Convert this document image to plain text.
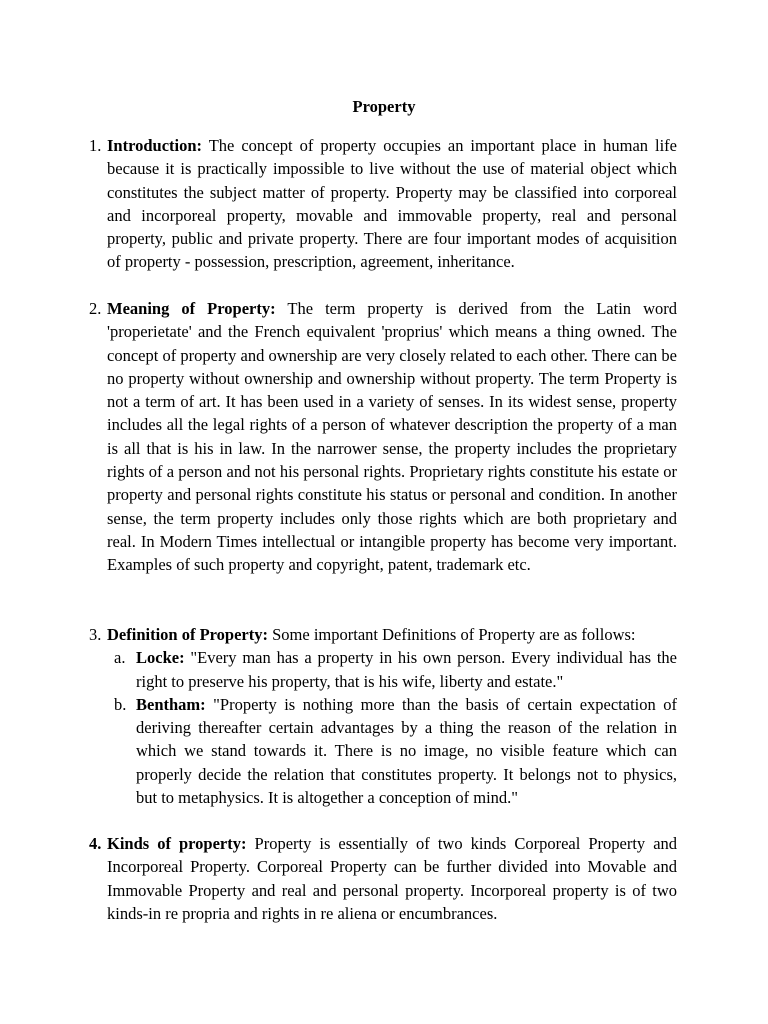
Property
1. Introduction: The concept of property occupies an important place in human life because it is practically impossible to live without the use of material object which constitutes the subject matter of property. Property may be classified into corporeal and incorporeal property, movable and immovable property, real and personal property, public and private property. There are four important modes of acquisition of property - possession, prescription, agreement, inheritance.

2. Meaning of Property: The term property is derived from the Latin word 'properietate' and the French equivalent 'proprius' which means a thing owned. The concept of property and ownership are very closely related to each other. There can be no property without ownership and ownership without property. The term Property is not a term of art. It has been used in a variety of senses. In its widest sense, property includes all the legal rights of a person of whatever description the property of a man is all that is his in law. In the narrower sense, the property includes the proprietary rights of a person and not his personal rights. Proprietary rights constitute his estate or property and personal rights constitute his status or personal and condition. In another sense, the term property includes only those rights which are both proprietary and real. In Modern Times intellectual or intangible property has become very important. Examples of such property and copyright, patent, trademark etc.

3. Definition of Property: Some important Definitions of Property are as follows:

a. Locke: "Every man has a property in his own person. Every individual has the right to preserve his property, that is his wife, liberty and estate."

b. Bentham: "Property is nothing more than the basis of certain expectation of deriving thereafter certain advantages by a thing the reason of the relation in which we stand towards it. There is no image, no visible feature which can properly decide the relation that constitutes property. It belongs not to physics, but to metaphysics. It is altogether a conception of mind."

4. Kinds of property: Property is essentially of two kinds Corporeal Property and Incorporeal Property. Corporeal Property can be further divided into Movable and Immovable Property and real and personal property. Incorporeal property is of two kinds-in re propria and rights in re aliena or encumbrances.
